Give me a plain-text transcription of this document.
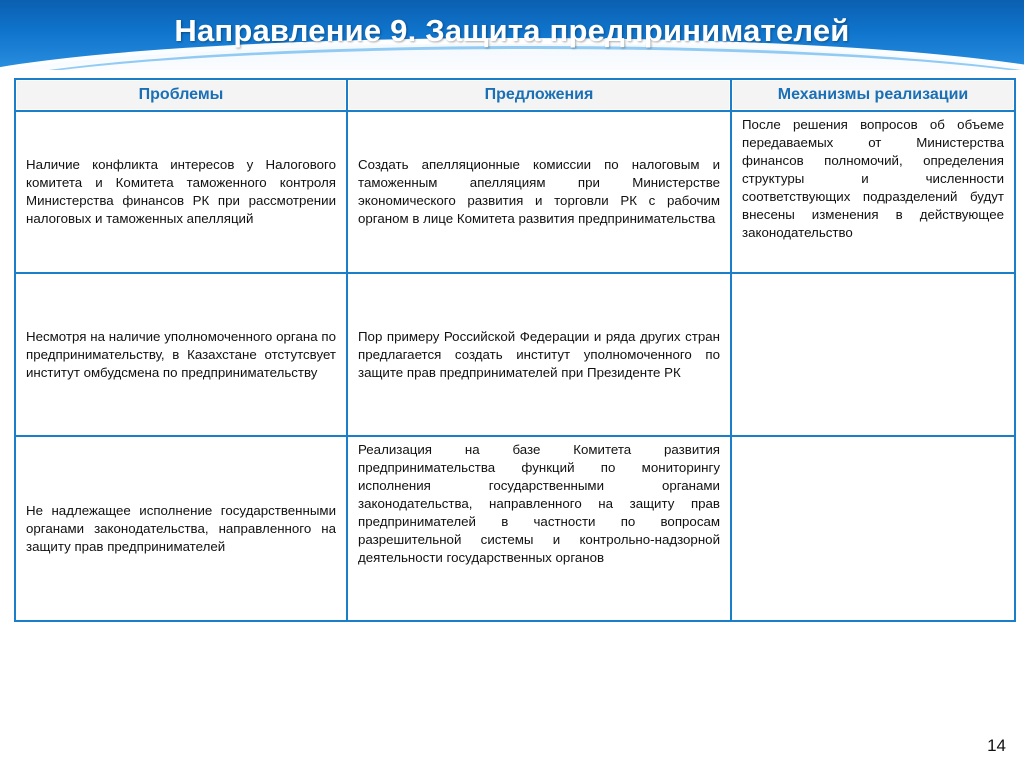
Направление 9. Защита предпринимателей
Проблемы	Предложения	Механизмы реализации
Наличие конфликта интересов у Налогового комитета и Комитета таможенного контроля Министерства финансов РК при рассмотрении налоговых и таможенных апелляций	Создать апелляционные комиссии по налоговым и таможенным апелляциям при Министерстве экономического развития и торговли РК с рабочим органом в лице Комитета развития предпринимательства	После решения вопросов об объеме передаваемых от Министерства финансов полномочий, определения структуры и численности соответствующих подразделений будут внесены изменения в действующее законодательство
Несмотря на наличие уполномоченного органа по предпринимательству, в Казахстане отстутсвует институт омбудсмена по предпринимательству	Пор примеру Российской Федерации и ряда других стран предлагается создать институт уполномоченного по защите прав предпринимателей при Президенте РК	
Не надлежащее исполнение государственными органами законодательства, направленного на защиту прав предпринимателей	Реализация на базе Комитета развития предпринимательства функций по мониторингу исполнения государственными органами законодательства, направленного на защиту прав предпринимателей в частности по вопросам разрешительной системы и контрольно-надзорной деятельности государственных органов	
14
